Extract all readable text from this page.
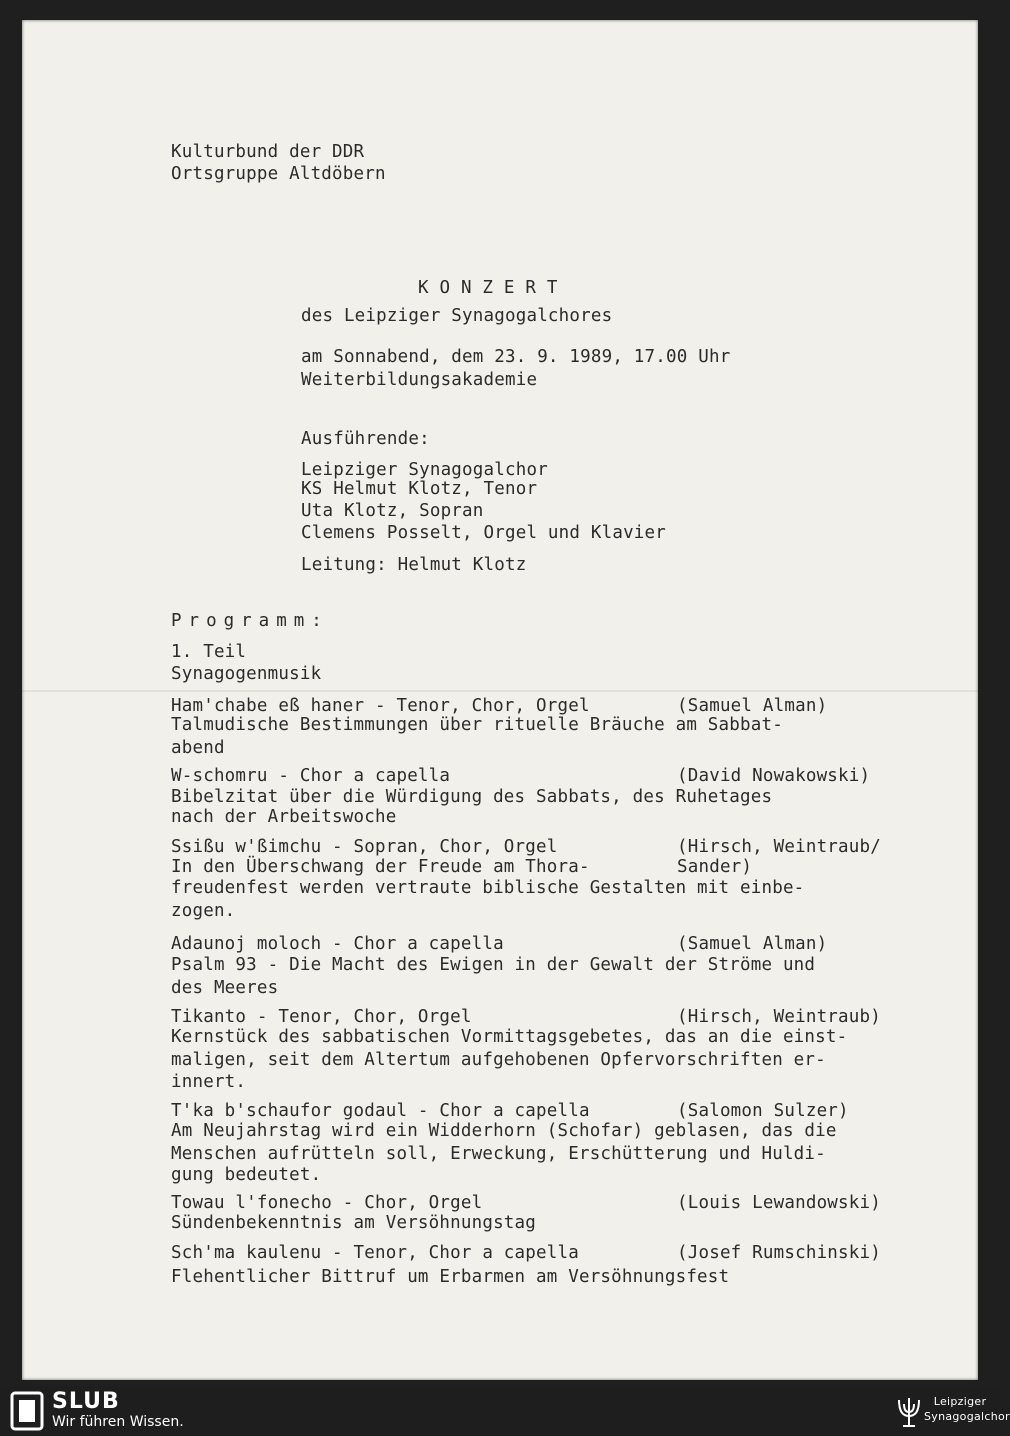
Kulturbund der DDR
Ortsgruppe Altdöbern
K O N Z E R T
des Leipziger Synagogalchores
am Sonnabend, dem 23. 9. 1989, 17.00 Uhr
Weiterbildungsakademie
Ausführende:
Leipziger Synagogalchor
KS Helmut Klotz, Tenor
Uta Klotz, Sopran
Clemens Posselt, Orgel und Klavier
Leitung: Helmut Klotz
Programm:
1. Teil
Synagogenmusik
Ham'chabe eß haner - Tenor, Chor, Orgel	(Samuel Alman)
Talmudische Bestimmungen über rituelle Bräuche am Sabbat-
abend
W-schomru - Chor a capella	(David Nowakowski)
Bibelzitat über die Würdigung des Sabbats, des Ruhetages
nach der Arbeitswoche
Ssißu w'ßimchu - Sopran, Chor, Orgel	(Hirsch, Weintraub/
In den Überschwang der Freude am Thora-	Sander)
freudenfest werden vertraute biblische Gestalten mit einbe-
zogen.
Adaunoj moloch - Chor a capella	(Samuel Alman)
Psalm 93 - Die Macht des Ewigen in der Gewalt der Ströme und
des Meeres
Tikanto - Tenor, Chor, Orgel	(Hirsch, Weintraub)
Kernstück des sabbatischen Vormittagsgebetes, das an die einst-
maligen, seit dem Altertum aufgehobenen Opfervorschriften er-
innert.
T'ka b'schaufor godaul - Chor a capella	(Salomon Sulzer)
Am Neujahrstag wird ein Widderhorn (Schofar) geblasen, das die
Menschen aufrütteln soll, Erweckung, Erschütterung und Huldi-
gung bedeutet.
Towau l'fonecho - Chor, Orgel	(Louis Lewandowski)
Sündenbekenntnis am Versöhnungstag
Sch'ma kaulenu - Tenor, Chor a capella	(Josef Rumschinski)
Flehentlicher Bittruf um Erbarmen am Versöhnungsfest
SLUB
Wir führen Wissen.
Leipziger
Synagogalchor
